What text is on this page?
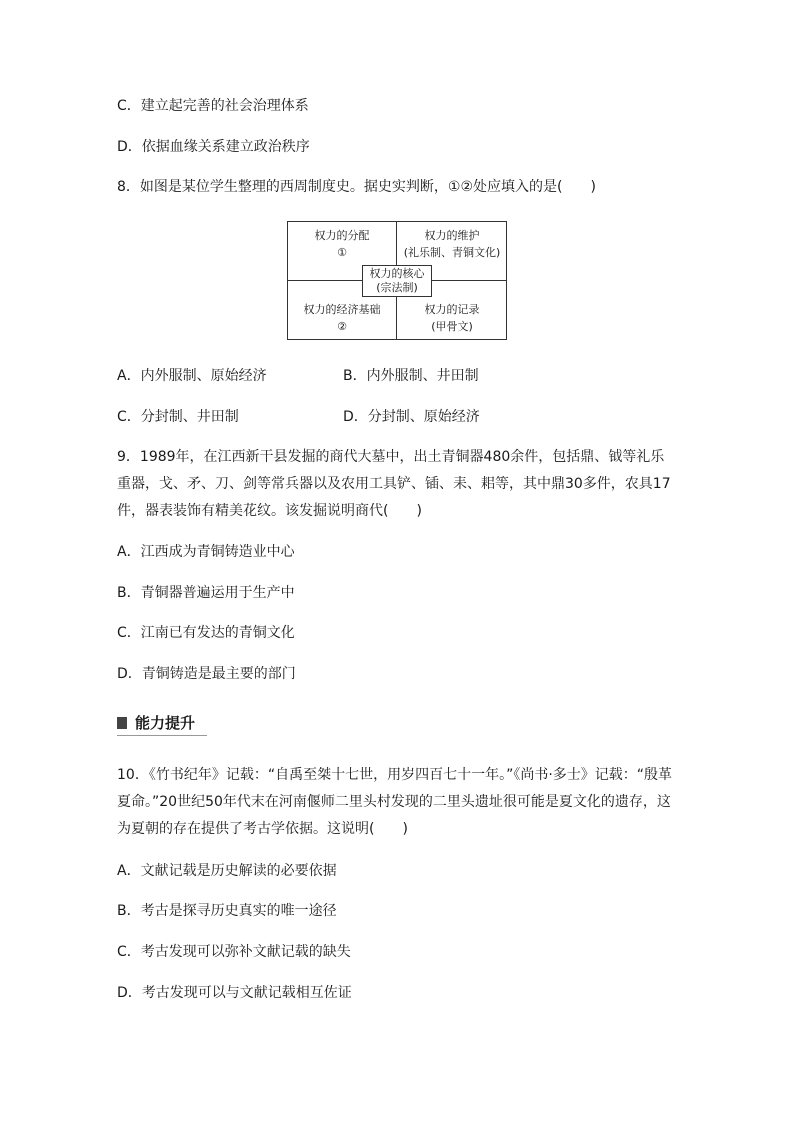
C．建立起完善的社会治理体系
D．依据血缘关系建立政治秩序
8．如图是某位学生整理的西周制度史。据史实判断，①②处应填入的是(　　)
权力的分配
①
权力的维护
(礼乐制、青铜文化)
权力的经济基础
②
权力的记录
(甲骨文)
权力的核心
(宗法制)
A．内外服制、原始经济	B．内外服制、井田制
C．分封制、井田制	D．分封制、原始经济
9．1989年，在江西新干县发掘的商代大墓中，出土青铜器480余件，包括鼎、钺等礼乐重器，戈、矛、刀、剑等常兵器以及农用工具铲、锸、耒、耜等，其中鼎30多件，农具17件，器表装饰有精美花纹。该发掘说明商代(　　)
A．江西成为青铜铸造业中心
B．青铜器普遍运用于生产中
C．江南已有发达的青铜文化
D．青铜铸造是最主要的部门
能力提升
10．《竹书纪年》记载：“自禹至桀十七世，用岁四百七十一年。”《尚书·多士》记载：“殷革夏命。”20世纪50年代末在河南偃师二里头村发现的二里头遗址很可能是夏文化的遗存，这为夏朝的存在提供了考古学依据。这说明(　　)
A．文献记载是历史解读的必要依据
B．考古是探寻历史真实的唯一途径
C．考古发现可以弥补文献记载的缺失
D．考古发现可以与文献记载相互佐证
